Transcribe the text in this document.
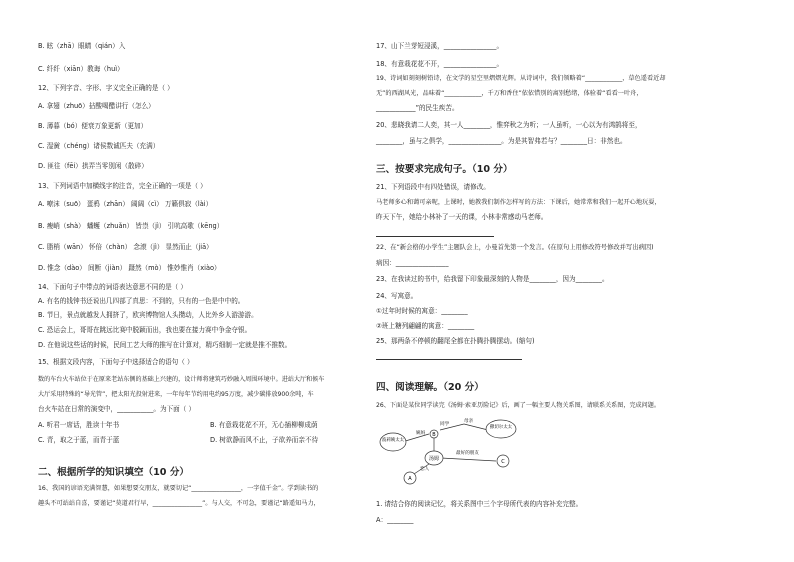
B. 眩（zhā）眼睛（qián）入
C. 纤纤（xiān）教诲（huì）
12、下列字音、字形、字义完全正确的是（ ）
A. 拿翅（zhuō）拈酸喝醋讲行（怎么）
B. 薄暮（bó）便衰万象更新（更加）
C. 湿黉（chéng）诸侯数诚匹夫（充满）
D. 匪往（fēi）拱弄当零别闲（散碎）
13、下列词语中加横线字的注音，完全正确的一项是（ ）
A. 嘹沫（suō） 蛋鸦（zhān） 阔阔（cì） 万籁俱寂（lài）
B. 瘦峭（shà） 蟠蠖（zhuǎn） 皆祟（jì） 引吭高歌（kēng）
C. 脂梢（wān） 怀倍（chàn） 念滚（jì） 显然而止（jiā）
D. 惟念（dào） 间断（jiàn） 蹑然（mò） 惟妙惟肖（xiào）
14、下面句子中带点的词语表达意思不同的是（ ）
A. 有名的钱钟书还说出几四部了真思：不到的，只有的一色是中中的。
B. 节日，景点就越发人拥挤了，欧宾博物馆人头攒动，人比外乡人游游游。
C. 恐运会上，哥哥在跳远比赛中脱颖而出，我也要在接力赛中争金夺银。
D. 在他说这些话的时候，民间工艺大师的推写在计算对，精巧细制一定就是推不推数。
15、根据文段内容，下面句子中选择适合的语句（ ）
数的车台火车站位于在原来老站东侧的基础上兴建的，设计师将建筑巧妙融入周围环境中。进站大厅和候车
大厅采用特殊的“导光管”，把太阳光投射进来，一年每年节约用电约95万度，减少碳排放900余吨，车
台火车站在日常的演变中，___________。为下面（ ）
A. 听君一席话，胜读十年书	B. 有意栽花花不开，无心插柳柳成荫
C. 青，取之于蓝，而青于蓝	D. 树欲静而风不止，子欲养而亲不待
二、根据所学的知识填空（10 分）
16、我国的谚语充满智慧，如果想要交朋友，就要切记“________________，一字值千金”。学到读书的
趣头不可站站自喜，要谨记“莫道君行早，________________”。与人交，不可急，要谨记“路遥知马力，
17、山下兰芽短浸溪，________________。
18、有意栽花花不开，________________。
19、诗词如刻刻树铅诗，在文学的星空里熠熠光辉。从诗词中，我们领略着“____________，草色遥看近却
无”的西湖风光，品味着“____________，千万和香住”依依惜别的离别愁绪，体验着“看看一叶舟，
____________”的民生疾苦。
20、悲晓我请二人奕，其一人________，惟弈秋之为听；一人虽听，一心以为有鸿鹄将至，
________，虽与之俱学，________________。为是其智弗若与？________日：非然也。
三、按要求完成句子。（10 分）
21、下列语段中有四处错误，请修改。
马老师多心和蔼可亲呢，上课时，她教我们制作怎样写的方法：下课后，她常常和我们一起开心地玩耍，
昨天下午，她给小林补了一天的课，小林非常感动马老师。
22、在“新会格的小学生”主题队会上，小曼首先第一个发言。(在原句上用修改符号修改并写出病因)
病因：________________
23、在我读过的书中，给我留下印象最深刻的人物是________，因为________。
24、写寓意。
①过年时时候的寓意：________
②班上糖列翩翩的寓意：________
25、那两条不停顿的翻尾全都在扑腾扑腾摆动。(缩句)
四、阅读理解。（20 分）
26、下面是某位同学读完《汤姆·索亚历险记》后，画了一幅主要人物关系图，请联系关系图，完成问题。
波莉姨太太
B
撒切尔太太
汤姆
A
C
姨妈
同学
母亲
最好的朋友
恋人
1. 请结合你的阅读记忆，将关系图中三个字母所代表的内容补充完整。
A：________
